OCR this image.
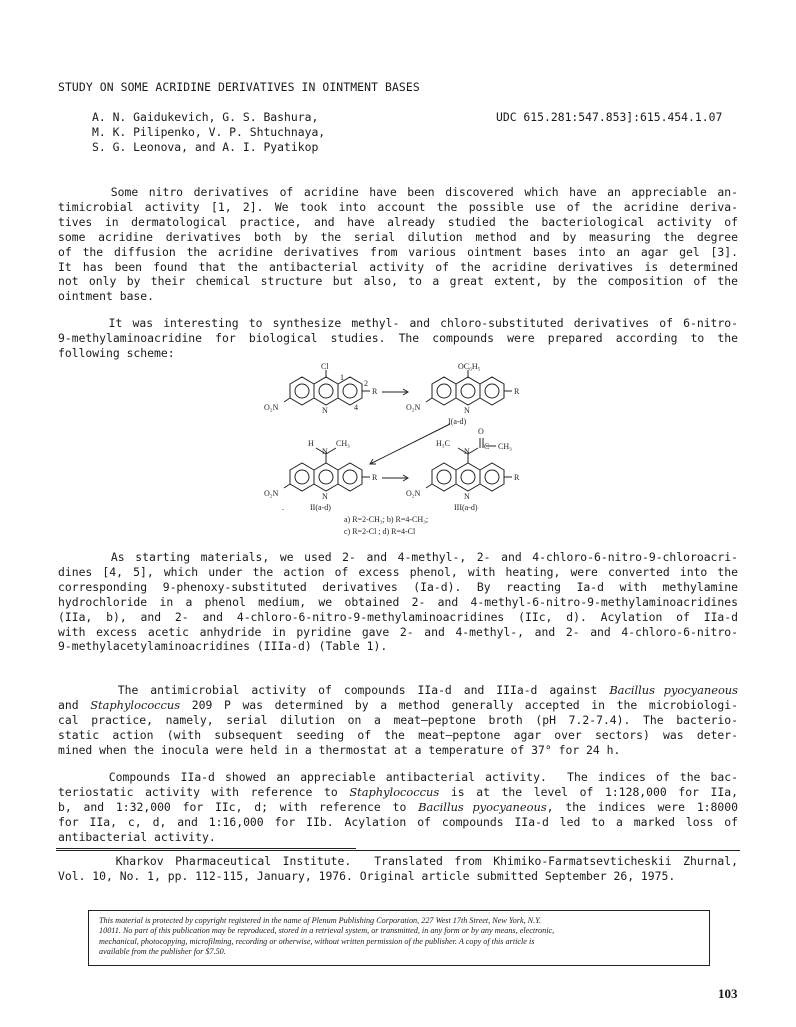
STUDY ON SOME ACRIDINE DERIVATIVES IN OINTMENT BASES
A. N. Gaidukevich, G. S. Bashura,
M. K. Pilipenko, V. P. Shtuchnaya,
S. G. Leonova, and A. I. Pyatikop
UDC 615.281:547.853]:615.454.1.07
Some nitro derivatives of acridine have been discovered which have an appreciable an-
timicrobial activity [1, 2]. We took into account the possible use of the acridine deriva-
tives in dermatological practice, and have already studied the bacteriological activity of
some acridine derivatives both by the serial dilution method and by measuring the degree
of the diffusion the acridine derivatives from various ointment bases into an agar gel [3].
It has been found that the antibacterial activity of the acridine derivatives is determined
not only by their chemical structure but also, to a great extent, by the composition of the
ointment base.
It was interesting to synthesize methyl- and chloro-substituted derivatives of 6-nitro-
9-methylaminoacridine for biological studies. The compounds were prepared according to the
following scheme:
Cl
R
O₂N	N
1
2
4
OC₆H₅
R
O₂N	N
I(a-d)
H
N
CH₃
R
O₂N	N
.	II(a-d)
H₃C
N
O
C CH₃
R
O₂N	N
III(a-d)
a) R=2-CH₃; b) R=4-CH₃;
c) R=2-Cl ; d) R=4-Cl
As starting materials, we used 2- and 4-methyl-, 2- and 4-chloro-6-nitro-9-chloroacri-
dines [4, 5], which under the action of excess phenol, with heating, were converted into the
corresponding 9-phenoxy-substituted derivatives (Ia-d). By reacting Ia-d with methylamine
hydrochloride in a phenol medium, we obtained 2- and 4-methyl-6-nitro-9-methylaminoacridines
(IIa, b), and 2- and 4-chloro-6-nitro-9-methylaminoacridines (IIc, d). Acylation of IIa-d
with excess acetic anhydride in pyridine gave 2- and 4-methyl-, and 2- and 4-chloro-6-nitro-
9-methylacetylaminoacridines (IIIa-d) (Table 1).
The antimicrobial activity of compounds IIa-d and IIIa-d against Bacillus pyocyaneous
and Staphylococcus 209 P was determined by a method generally accepted in the microbiologi-
cal practice, namely, serial dilution on a meat–peptone broth (pH 7.2-7.4). The bacterio-
static action (with subsequent seeding of the meat–peptone agar over sectors) was deter-
mined when the inocula were held in a thermostat at a temperature of 37° for 24 h.
Compounds IIa-d showed an appreciable antibacterial activity.  The indices of the bac-
teriostatic activity with reference to Staphylococcus is at the level of 1:128,000 for IIa,
b, and 1:32,000 for IIc, d; with reference to Bacillus pyocyaneous, the indices were 1:8000
for IIa, c, d, and 1:16,000 for IIb. Acylation of compounds IIa-d led to a marked loss of
antibacterial activity.
Kharkov Pharmaceutical Institute.  Translated from Khimiko-Farmatsevticheskii Zhurnal,
Vol. 10, No. 1, pp. 112-115, January, 1976. Original article submitted September 26, 1975.
This material is protected by copyright registered in the name of Plenum Publishing Corporation, 227 West 17th Street, New York, N.Y.
10011. No part of this publication may be reproduced, stored in a retrieval system, or transmitted, in any form or by any means, electronic,
mechanical, photocopying, microfilming, recording or otherwise, without written permission of the publisher. A copy of this article is
available from the publisher for $7.50.
103
